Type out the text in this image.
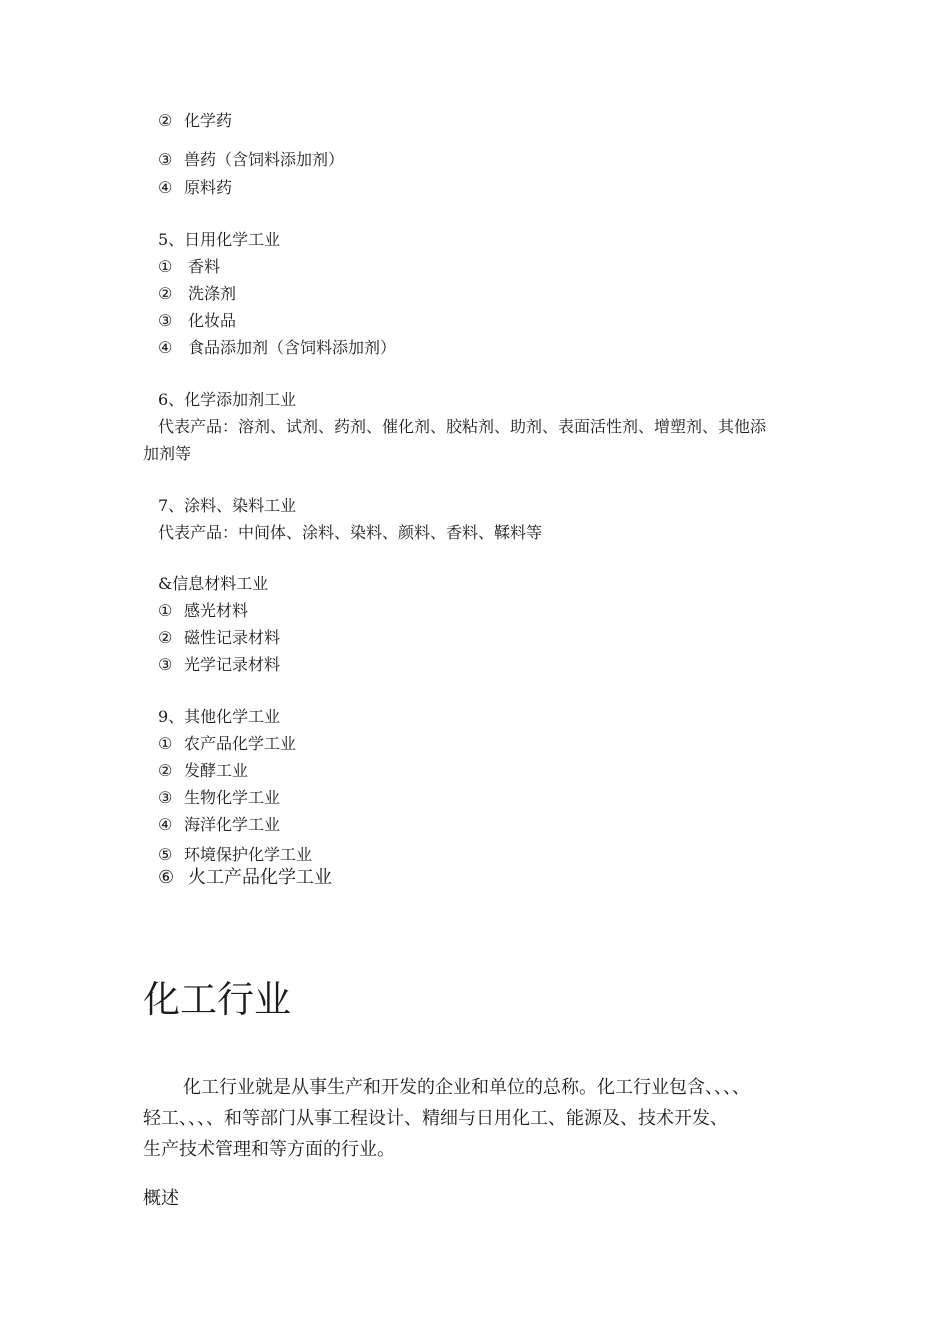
② 化学药
③ 兽药（含饲料添加剂）
④ 原料药
5、日用化学工业
① 香料
② 洗涤剂
③ 化妆品
④ 食品添加剂（含饲料添加剂）
6、化学添加剂工业
代表产品：溶剂、试剂、药剂、催化剂、胶粘剂、助剂、表面活性剂、增塑剂、其他添
加剂等
7、涂料、染料工业
代表产品：中间体、涂料、染料、颜料、香料、鞣料等
&信息材料工业
① 感光材料
② 磁性记录材料
③ 光学记录材料
9、其他化学工业
① 农产品化学工业
② 发酵工业
③ 生物化学工业
④ 海洋化学工业
⑤ 环境保护化学工业
⑥ 火工产品化学工业
化工行业
化工行业就是从事生产和开发的企业和单位的总称。化工行业包含、、、、
轻工、、、、和等部门从事工程设计、精细与日用化工、能源及、技术开发、
生产技术管理和等方面的行业。
概述
